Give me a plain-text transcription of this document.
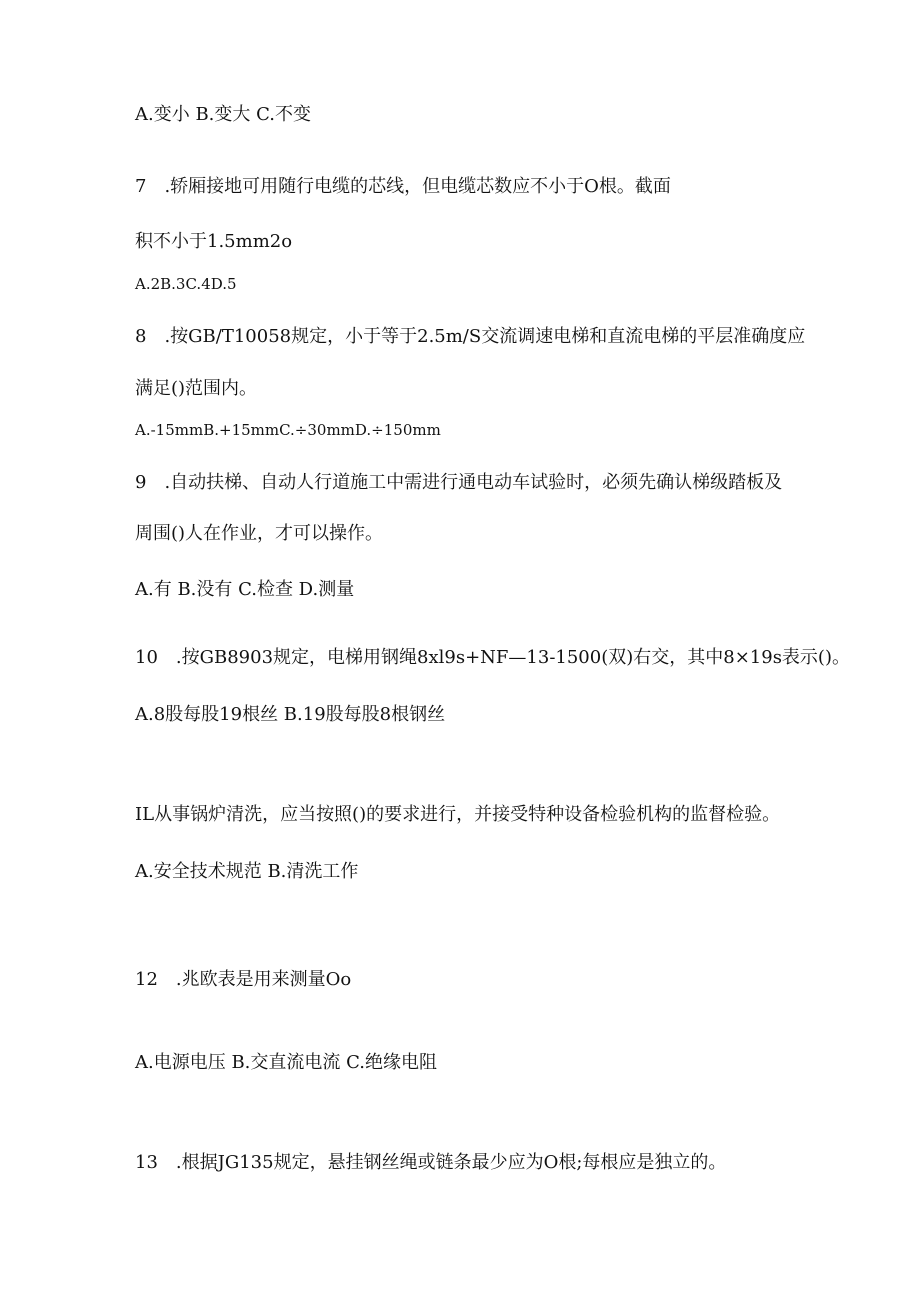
A.变小 B.变大 C.不变
7 .轿厢接地可用随行电缆的芯线，但电缆芯数应不小于O根。截面
积不小于1.5mm2o
A.2B.3C.4D.5
8 .按GB/T10058规定，小于等于2.5m/S交流调速电梯和直流电梯的平层准确度应
满足()范围内。
A.-15mmB.+15mmC.÷30mmD.÷150mm
9 .自动扶梯、自动人行道施工中需进行通电动车试验时，必须先确认梯级踏板及
周围()人在作业，才可以操作。
A.有 B.没有 C.检查 D.测量
10 .按GB8903规定，电梯用钢绳8xl9s+NF—13-1500(双)右交，其中8×19s表示()。
A.8股每股19根丝 B.19股每股8根钢丝
IL从事锅炉清洗，应当按照()的要求进行，并接受特种设备检验机构的监督检验。
A.安全技术规范 B.清洗工作
12 .兆欧表是用来测量Oo
A.电源电压 B.交直流电流 C.绝缘电阻
13 .根据JG135规定，悬挂钢丝绳或链条最少应为O根;每根应是独立的。
